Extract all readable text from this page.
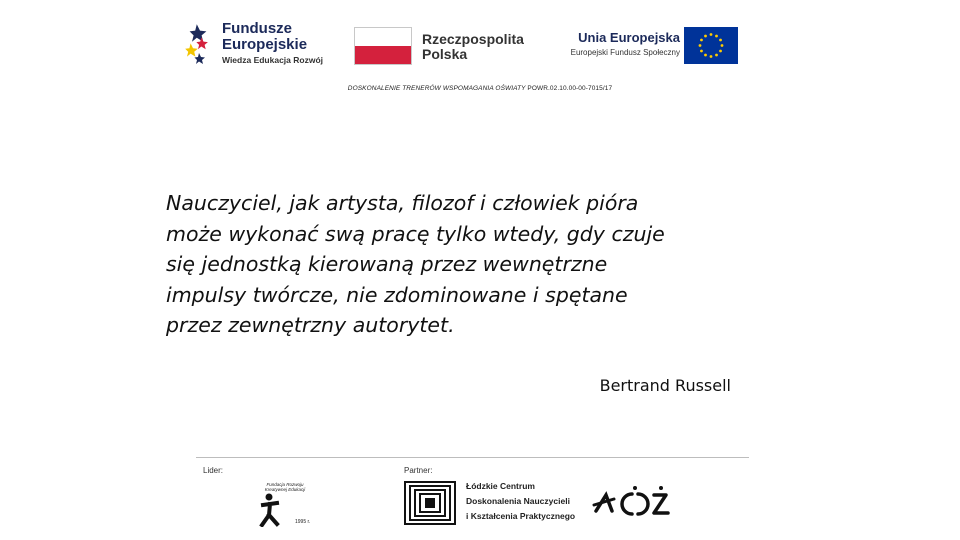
Fundusze
Europejskie
Wiedza Edukacja Rozwój
Rzeczpospolita
Polska
Unia Europejska
Europejski Fundusz Społeczny
DOSKONALENIE TRENERÓW WSPOMAGANIA OŚWIATY POWR.02.10.00-00-7015/17
Nauczyciel, jak artysta, filozof i człowiek pióra
może wykonać swą pracę tylko wtedy, gdy czuje
się jednostką kierowaną przez wewnętrzne
impulsy twórcze, nie zdominowane i spętane
przez zewnętrzny autorytet.
Bertrand Russell
Lider:	Partner:
Fundacja Rozwoju
Kreatywnej Edukacji
1995 r.
Łódzkie Centrum
Doskonalenia Nauczycieli
i Kształcenia Praktycznego
